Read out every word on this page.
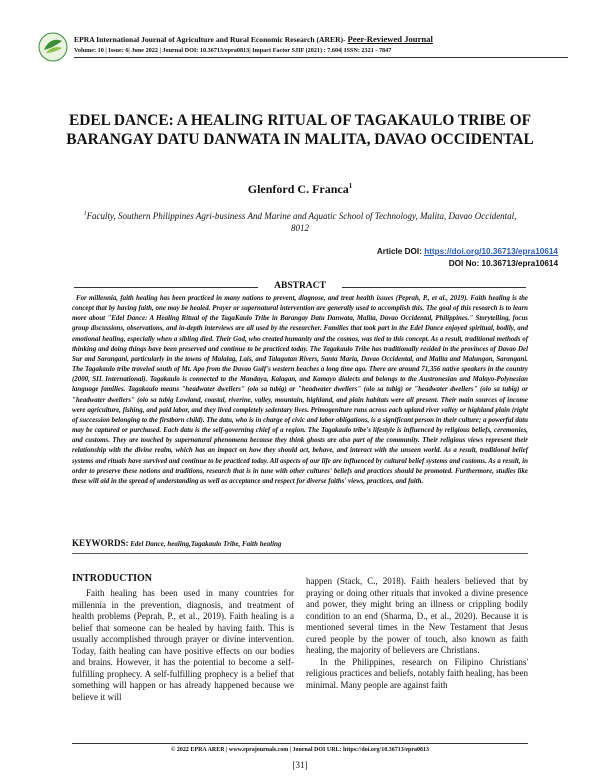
EPRA International Journal of Agriculture and Rural Economic Research (ARER)- Peer-Reviewed Journal
Volume: 10 | Issue: 6| June 2022 | Journal DOI: 10.36713/epra0813| Impact Factor SJIF (2021) : 7.604| ISSN: 2321 - 7847
EDEL DANCE: A HEALING RITUAL OF TAGAKAULO TRIBE OF BARANGAY DATU DANWATA IN MALITA, DAVAO OCCIDENTAL
Glenford C. Franca$^1$
$^1$Faculty, Southern Philippines Agri-business And Marine and Aquatic School of Technology, Malita, Davao Occidental, 8012
Article DOI: https://doi.org/10.36713/epra10614
DOI No: 10.36713/epra10614
ABSTRACT
For millennia, faith healing has been practiced in many nations to prevent, diagnose, and treat health issues (Peprah, P., et al., 2019). Faith healing is the concept that by having faith, one may be healed. Prayer or supernatural intervention are generally used to accomplish this. The goal of this research is to learn more about "Edel Dance: A Healing Ritual of the TagaKaulo Tribe in Barangay Datu Danwata, Malita, Davao Occidental, Philippines." Storytelling, focus group discussions, observations, and in-depth interviews are all used by the researcher. Families that took part in the Edel Dance enjoyed spiritual, bodily, and emotional healing, especially when a sibling died. Their God, who created humanity and the cosmos, was tied to this concept. As a result, traditional methods of thinking and doing things have been preserved and continue to be practiced today. The Tagakaulo Tribe has traditionally resided in the provinces of Davao Del Sur and Sarangani, particularly in the towns of Malalag, Lais, and Talagutan Rivers, Santa Maria, Davao Occidental, and Malita and Malungon, Sarangani. The Tagakaulo tribe traveled south of Mt. Apo from the Davao Gulf's western beaches a long time ago. There are around 71,356 native speakers in the country (2000, SIL International). Tagakaulo is connected to the Mandaya, Kalagan, and Kamayo dialects and belongs to the Austronesian and Malayo-Polynesian language families. Tagakaulo means "headwater dwellers" (olo sa tubig) or "headwater dwellers" (olo sa tubig) or "headwater dwellers" (olo sa tubig) or "headwater dwellers" (olo sa tubig Lowland, coastal, riverine, valley, mountain, highland, and plain habitats were all present. Their main sources of income were agriculture, fishing, and paid labor, and they lived completely sedentary lives. Primogeniture runs across each upland river valley or highland plain (right of succession belonging to the firstborn child). The datu, who is in charge of civic and labor obligations, is a significant person in their culture; a powerful datu may be captured or purchased. Each datu is the self-governing chief of a region. The Tagakaulo tribe's lifestyle is influenced by religious beliefs, ceremonies, and customs. They are touched by supernatural phenomena because they think ghosts are also part of the community. Their religious views represent their relationship with the divine realm, which has an impact on how they should act, behave, and interact with the unseen world. As a result, traditional belief systems and rituals have survived and continue to be practiced today. All aspects of our life are influenced by cultural belief systems and customs. As a result, in order to preserve these notions and traditions, research that is in tune with other cultures' beliefs and practices should be promoted. Furthermore, studies like these will aid in the spread of understanding as well as acceptance and respect for diverse faiths' views, practices, and faith.
KEYWORDS: Edel Dance, healing,Tagakaulo Tribe, Faith healing
INTRODUCTION
Faith healing has been used in many countries for millennia in the prevention, diagnosis, and treatment of health problems (Peprah, P., et al., 2019). Faith healing is a belief that someone can be healed by having faith. This is usually accomplished through prayer or divine intervention. Today, faith healing can have positive effects on our bodies and brains. However, it has the potential to become a self-fulfilling prophecy. A self-fulfilling prophecy is a belief that something will happen or has already happened because we believe it will

happen (Stack, C., 2018). Faith healers believed that by praying or doing other rituals that invoked a divine presence and power, they might bring an illness or crippling bodily condition to an end (Sharma, D., et al., 2020). Because it is mentioned several times in the New Testament that Jesus cured people by the power of touch, also known as faith healing, the majority of believers are Christians.

In the Philippines, research on Filipino Christians' religious practices and beliefs, notably faith healing, has been minimal. Many people are against faith

© 2022 EPRA ARER | www.eprajournals.com | Journal DOI URL: https://doi.org/10.36713/epra0813
[31]
